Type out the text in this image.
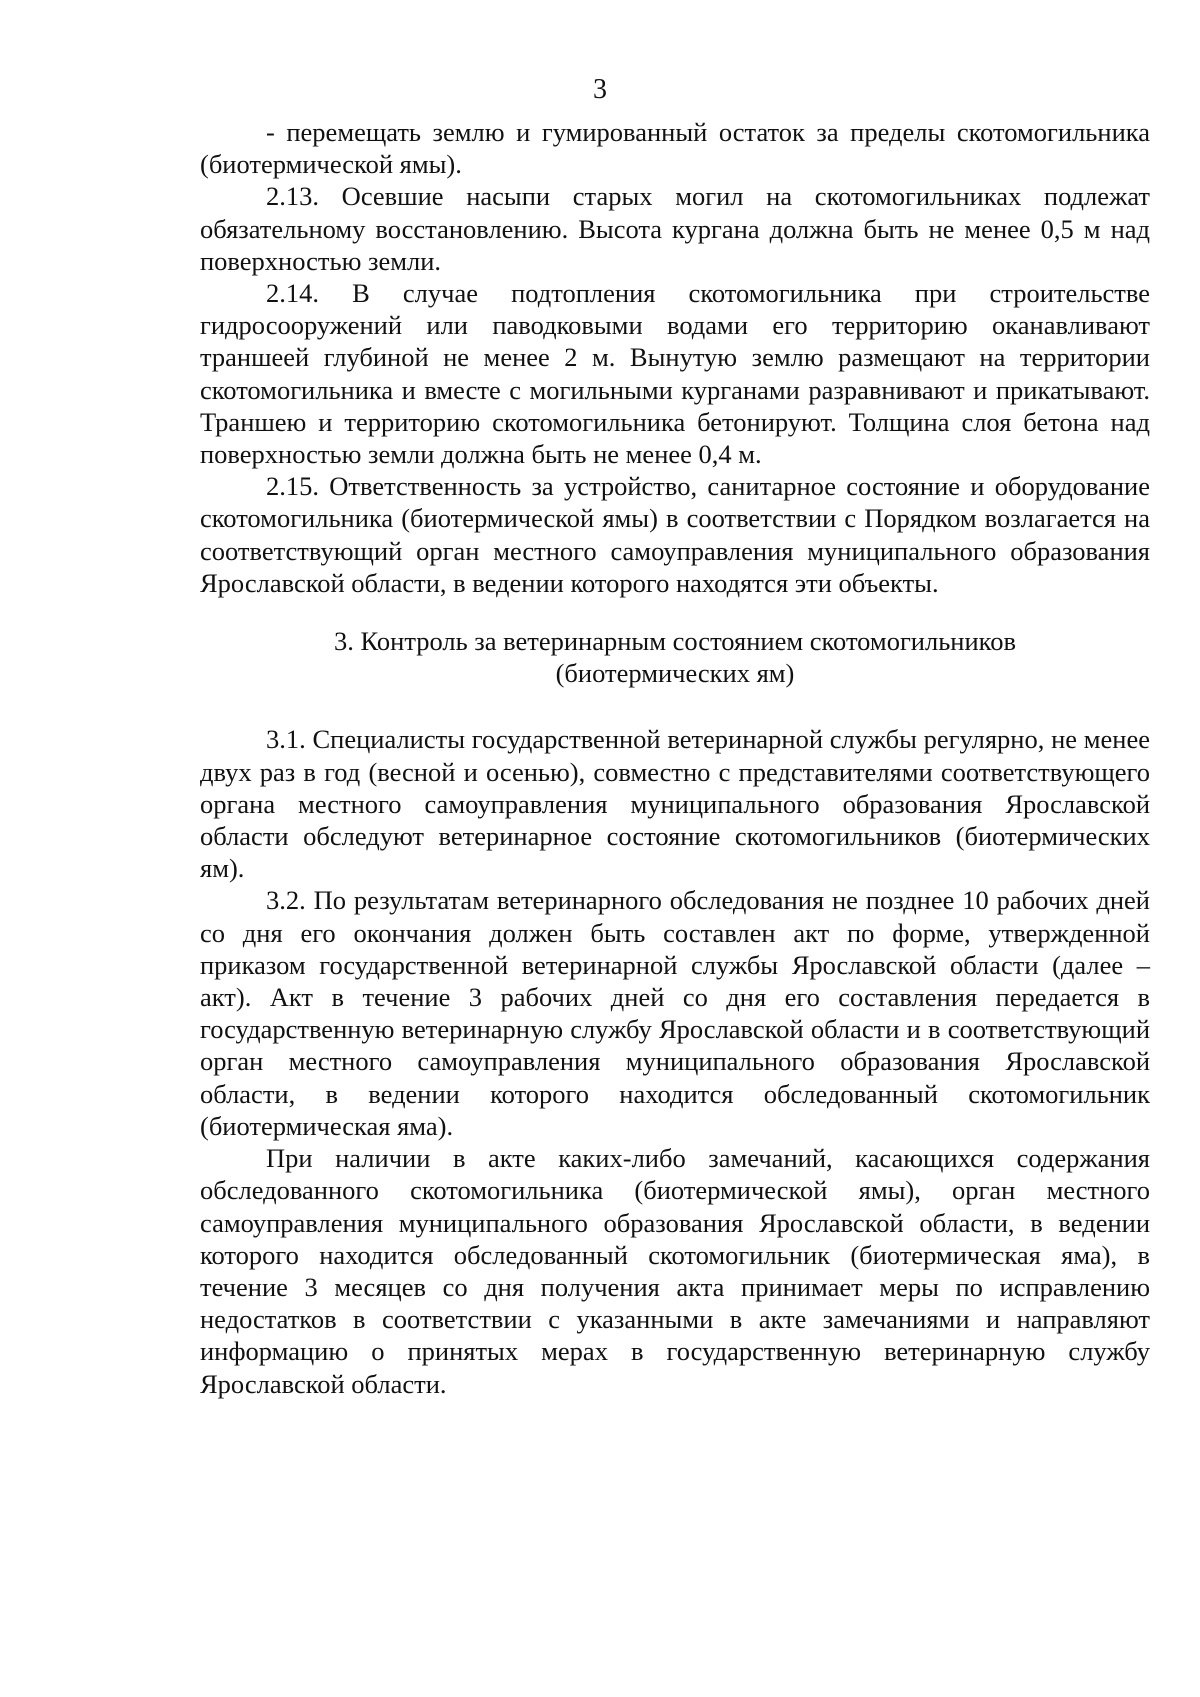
3

- перемещать землю и гумированный остаток за пределы скотомогильника (биотермической ямы).

2.13. Осевшие насыпи старых могил на скотомогильниках подлежат обязательному восстановлению. Высота кургана должна быть не менее 0,5 м над поверхностью земли.

2.14. В случае подтопления скотомогильника при строительстве гидросооружений или паводковыми водами его территорию оканавливают траншеей глубиной не менее 2 м. Вынутую землю размещают на территории скотомогильника и вместе с могильными курганами разравнивают и прикатывают. Траншею и территорию скотомогильника бетонируют. Толщина слоя бетона над поверхностью земли должна быть не менее 0,4 м.

2.15. Ответственность за устройство, санитарное состояние и оборудование скотомогильника (биотермической ямы) в соответствии с Порядком возлагается на соответствующий орган местного самоуправления муниципального образования Ярославской области, в ведении которого находятся эти объекты.

3. Контроль за ветеринарным состоянием скотомогильников
(биотермических ям)

3.1. Специалисты государственной ветеринарной службы регулярно, не менее двух раз в год (весной и осенью), совместно с представителями соответствующего органа местного самоуправления муниципального образования Ярославской области обследуют ветеринарное состояние скотомогильников (биотермических ям).

3.2. По результатам ветеринарного обследования не позднее 10 рабочих дней со дня его окончания должен быть составлен акт по форме, утвержденной приказом государственной ветеринарной службы Ярославской области (далее – акт). Акт в течение 3 рабочих дней со дня его составления передается в государственную ветеринарную службу Ярославской области и в соответствующий орган местного самоуправления муниципального образования Ярославской области, в ведении которого находится обследованный скотомогильник (биотермическая яма).

При наличии в акте каких-либо замечаний, касающихся содержания обследованного скотомогильника (биотермической ямы), орган местного самоуправления муниципального образования Ярославской области, в ведении которого находится обследованный скотомогильник (биотермическая яма), в течение 3 месяцев со дня получения акта принимает меры по исправлению недостатков в соответствии с указанными в акте замечаниями и направляют информацию о принятых мерах в государственную ветеринарную службу Ярославской области.
